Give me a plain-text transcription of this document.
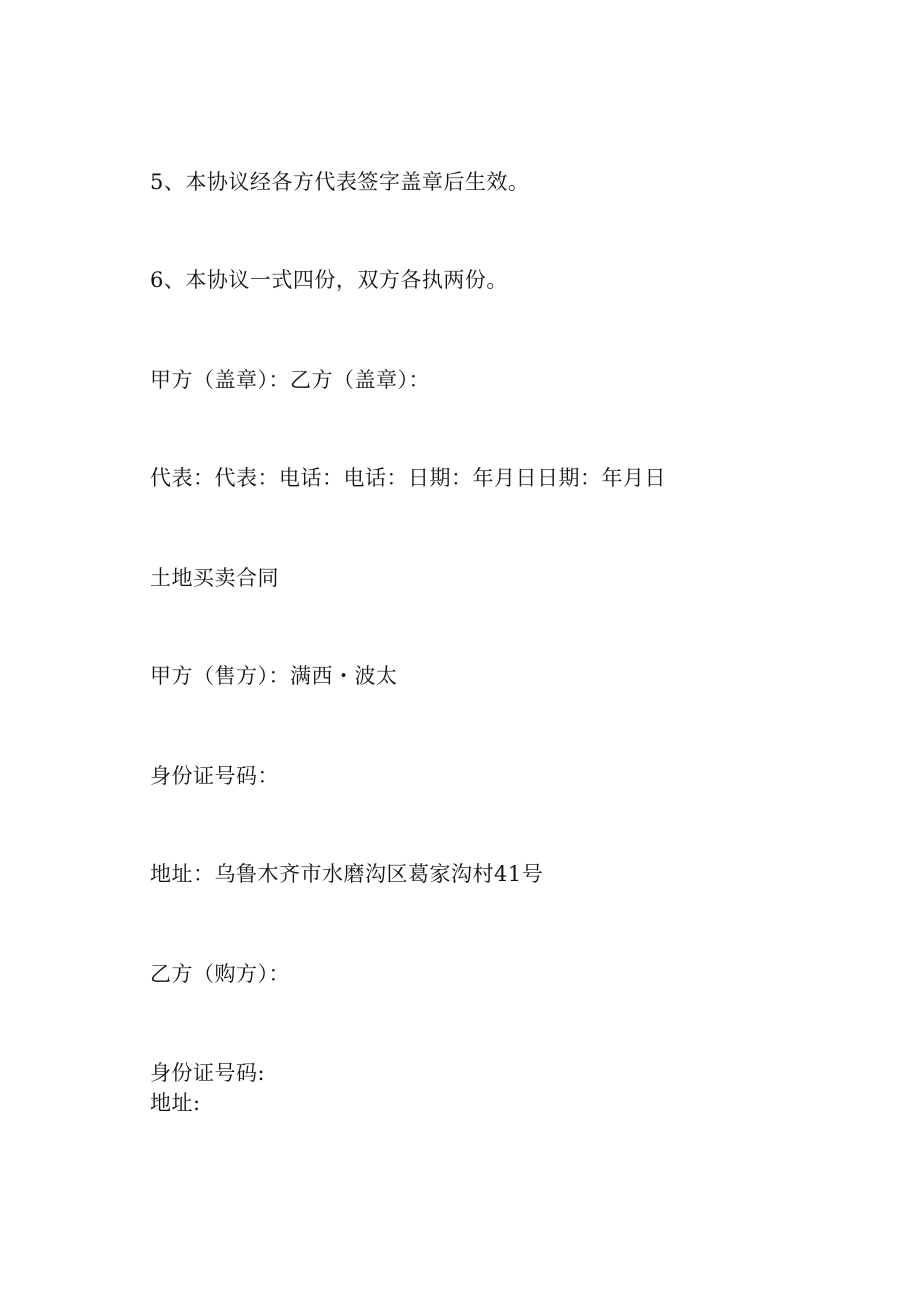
5、本协议经各方代表签字盖章后生效。
6、本协议一式四份，双方各执两份。
甲方（盖章）：乙方（盖章）：
代表：代表：电话：电话：日期：年月日日期：年月日
土地买卖合同
甲方（售方）：满西・波太
身份证号码：
地址：乌鲁木齐市水磨沟区葛家沟村41号
乙方（购方）：
身份证号码:
地址:
